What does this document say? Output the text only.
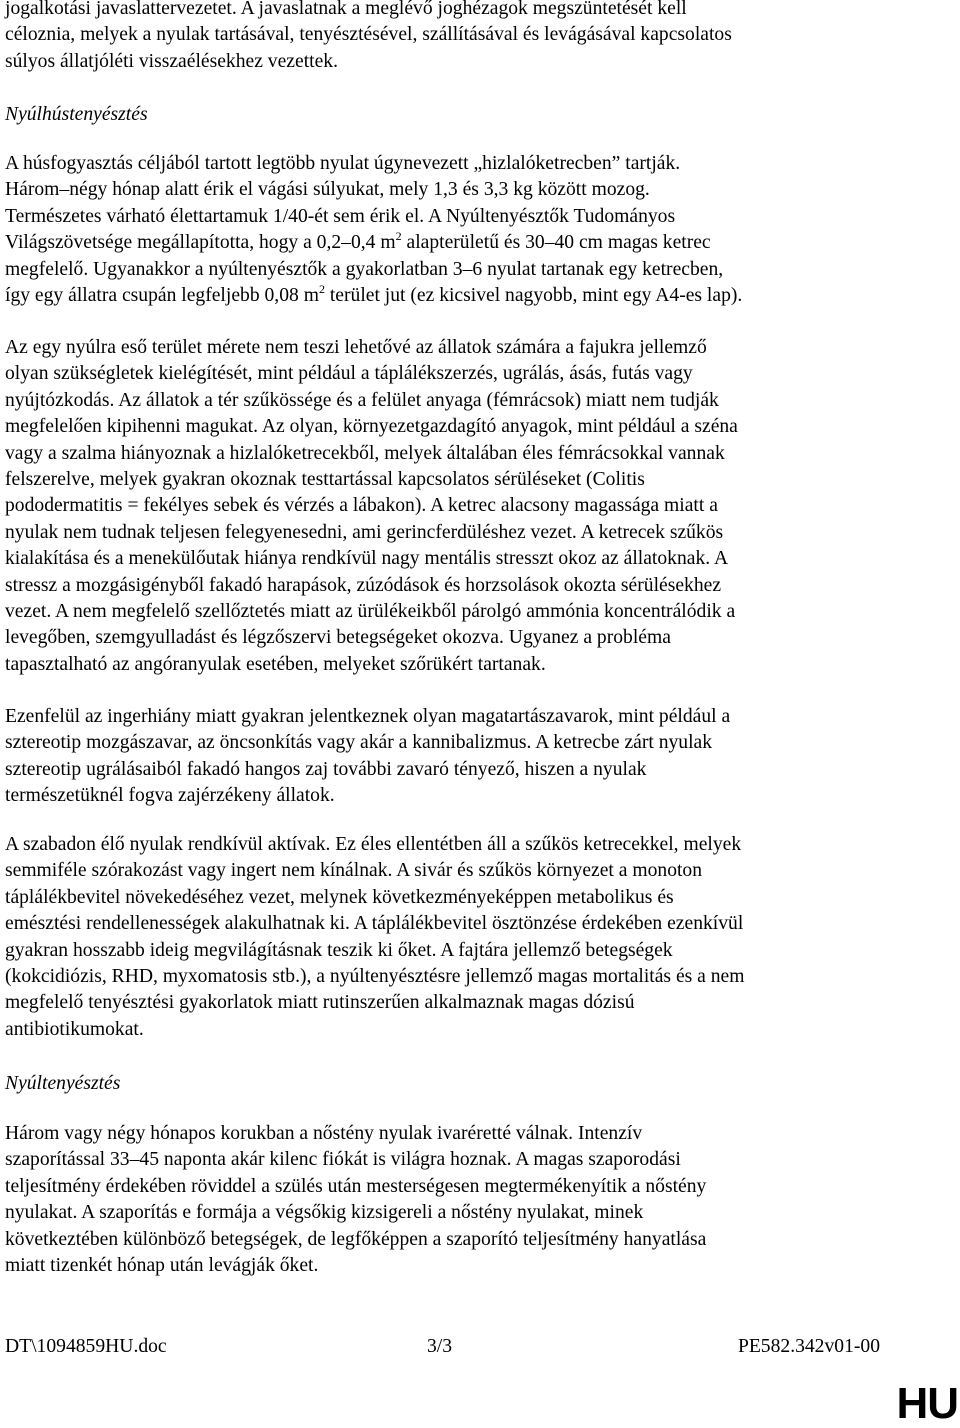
jogalkotási javaslattervezetet. A javaslatnak a meglévő joghézagok megszüntetését kell
céloznia, melyek a nyulak tartásával, tenyésztésével, szállításával és levágásával kapcsolatos
súlyos állatjóléti visszaélésekhez vezettek.

Nyúlhústenyésztés

A húsfogyasztás céljából tartott legtöbb nyulat úgynevezett „hizlalóketrecben” tartják.
Három–négy hónap alatt érik el vágási súlyukat, mely 1,3 és 3,3 kg között mozog.
Természetes várható élettartamuk 1/40-ét sem érik el. A Nyúltenyésztők Tudományos
Világszövetsége megállapította, hogy a 0,2–0,4 $m^2$ alapterületű és 30–40 cm magas ketrec
megfelelő. Ugyanakkor a nyúltenyésztők a gyakorlatban 3–6 nyulat tartanak egy ketrecben,
így egy állatra csupán legfeljebb 0,08 $m^2$ terület jut (ez kicsivel nagyobb, mint egy A4-es lap).

Az egy nyúlra eső terület mérete nem teszi lehetővé az állatok számára a fajukra jellemző
olyan szükségletek kielégítését, mint például a táplálékszerzés, ugrálás, ásás, futás vagy
nyújtózkodás. Az állatok a tér szűkössége és a felület anyaga (fémrácsok) miatt nem tudják
megfelelően kipihenni magukat. Az olyan, környezetgazdagító anyagok, mint például a széna
vagy a szalma hiányoznak a hizlalóketrecekből, melyek általában éles fémrácsokkal vannak
felszerelve, melyek gyakran okoznak testtartással kapcsolatos sérüléseket (Colitis
pododermatitis = fekélyes sebek és vérzés a lábakon). A ketrec alacsony magassága miatt a
nyulak nem tudnak teljesen felegyenesedni, ami gerincferdüléshez vezet. A ketrecek szűkös
kialakítása és a menekülőutak hiánya rendkívül nagy mentális stresszt okoz az állatoknak. A
stressz a mozgásigényből fakadó harapások, zúzódások és horzsolások okozta sérülésekhez
vezet. A nem megfelelő szellőztetés miatt az ürülékeikből párolgó ammónia koncentrálódik a
levegőben, szemgyulladást és légzőszervi betegségeket okozva. Ugyanez a probléma
tapasztalható az angóranyulak esetében, melyeket szőrükért tartanak.

Ezenfelül az ingerhiány miatt gyakran jelentkeznek olyan magatartászavarok, mint például a
sztereotip mozgászavar, az öncsonkítás vagy akár a kannibalizmus. A ketrecbe zárt nyulak
sztereotip ugrálásaiból fakadó hangos zaj további zavaró tényező, hiszen a nyulak
természetüknél fogva zajérzékeny állatok.

A szabadon élő nyulak rendkívül aktívak. Ez éles ellentétben áll a szűkös ketrecekkel, melyek
semmiféle szórakozást vagy ingert nem kínálnak. A sivár és szűkös környezet a monoton
táplálékbevitel növekedéséhez vezet, melynek következményeképpen metabolikus és
emésztési rendellenességek alakulhatnak ki. A táplálékbevitel ösztönzése érdekében ezenkívül
gyakran hosszabb ideig megvilágításnak teszik ki őket. A fajtára jellemző betegségek
(kokcidiózis, RHD, myxomatosis stb.), a nyúltenyésztésre jellemző magas mortalitás és a nem
megfelelő tenyésztési gyakorlatok miatt rutinszerűen alkalmaznak magas dózisú
antibiotikumokat.

Nyúltenyésztés

Három vagy négy hónapos korukban a nőstény nyulak ivaréretté válnak. Intenzív
szaporítással 33–45 naponta akár kilenc fiókát is világra hoznak. A magas szaporodási
teljesítmény érdekében röviddel a szülés után mesterségesen megtermékenyítik a nőstény
nyulakat. A szaporítás e formája a végsőkig kizsigereli a nőstény nyulakat, minek
következtében különböző betegségek, de legfőképpen a szaporító teljesítmény hanyatlása
miatt tizenkét hónap után levágják őket.

DT\1094859HU.doc	3/3	PE582.342v01-00
HU
